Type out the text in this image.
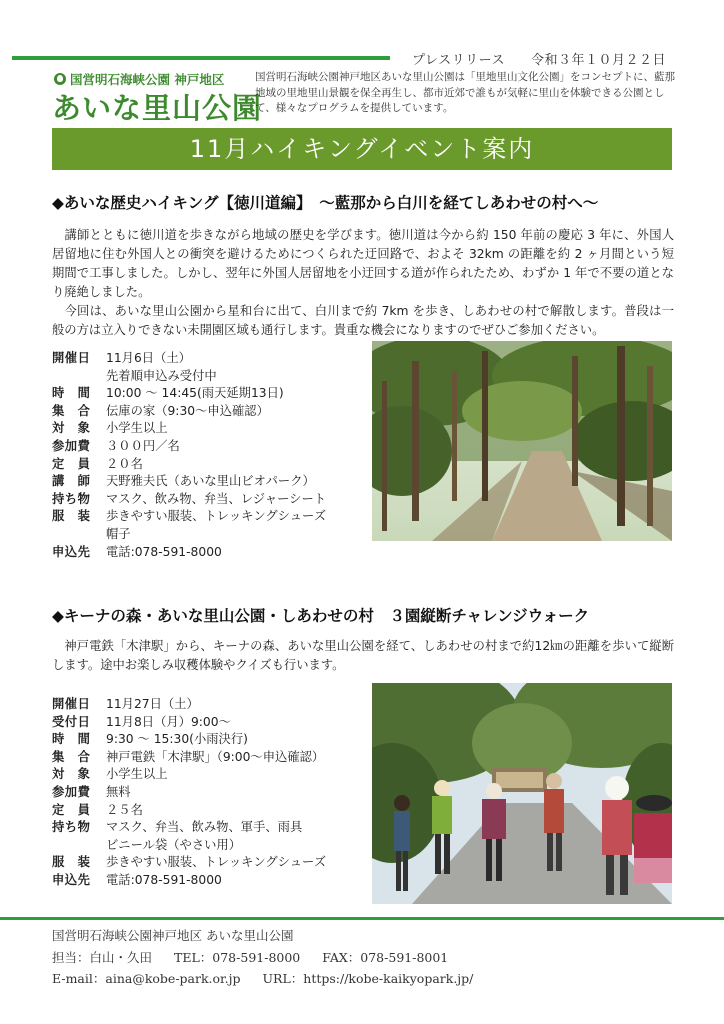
プレスリリース 令和３年１０月２２日
国営明石海峡公園 神戸地区
あいな里山公園
国営明石海峡公園神戸地区あいな里山公園は「里地里山文化公園」をコンセプトに、藍那地域の里地里山景観を保全再生し、都市近郊で誰もが気軽に里山を体験できる公園として、様々なプログラムを提供しています。
11月ハイキングイベント案内
◆あいな歴史ハイキング【徳川道編】　～藍那から白川を経てしあわせの村へ～
　講師とともに徳川道を歩きながら地域の歴史を学びます。徳川道は今から約 150 年前の慶応 3 年に、外国人居留地に住む外国人との衝突を避けるためにつくられた迂回路で、およそ 32km の距離を約 2 ヶ月間という短期間で工事しました。しかし、翌年に外国人居留地を小迂回する道が作られたため、わずか 1 年で不要の道となり廃絶しました。
　今回は、あいな里山公園から星和台に出て、白川まで約 7km を歩き、しあわせの村で解散します。普段は一般の方は立入りできない未開園区域も通行します。貴重な機会になりますのでぜひご参加ください。
開催日	11月6日（土）
先着順申込み受付中
時　間	10:00 ～ 14:45(雨天延期13日)
集　合	伝庫の家（9:30～申込確認）
対　象	小学生以上
参加費	３００円／名
定　員	２０名
講　師	天野雅夫氏（あいな里山ビオパーク）
持ち物	マスク、飲み物、弁当、レジャーシート
服　装	歩きやすい服装、トレッキングシューズ
帽子
申込先	電話:078-591-8000
◆キーナの森・あいな里山公園・しあわせの村　３園縦断チャレンジウォーク
　神戸電鉄「木津駅」から、キーナの森、あいな里山公園を経て、しあわせの村まで約12㎞の距離を歩いて縦断します。途中お楽しみ収穫体験やクイズも行います。
開催日	11月27日（土）
受付日	11月8日（月）9:00～
時　間	9:30 ～ 15:30(小雨決行)
集　合	神戸電鉄「木津駅」（9:00～申込確認）
対　象	小学生以上
参加費	無料
定　員	２５名
持ち物	マスク、弁当、飲み物、軍手、雨具
ビニール袋（やさい用）
服　装	歩きやすい服装、トレッキングシューズ
申込先	電話:078-591-8000
国営明石海峡公園神戸地区 あいな里山公園
担当：白山・久田 TEL：078-591-8000 FAX：078-591-8001
E-mail：aina@kobe-park.or.jp URL：https://kobe-kaikyopark.jp/
